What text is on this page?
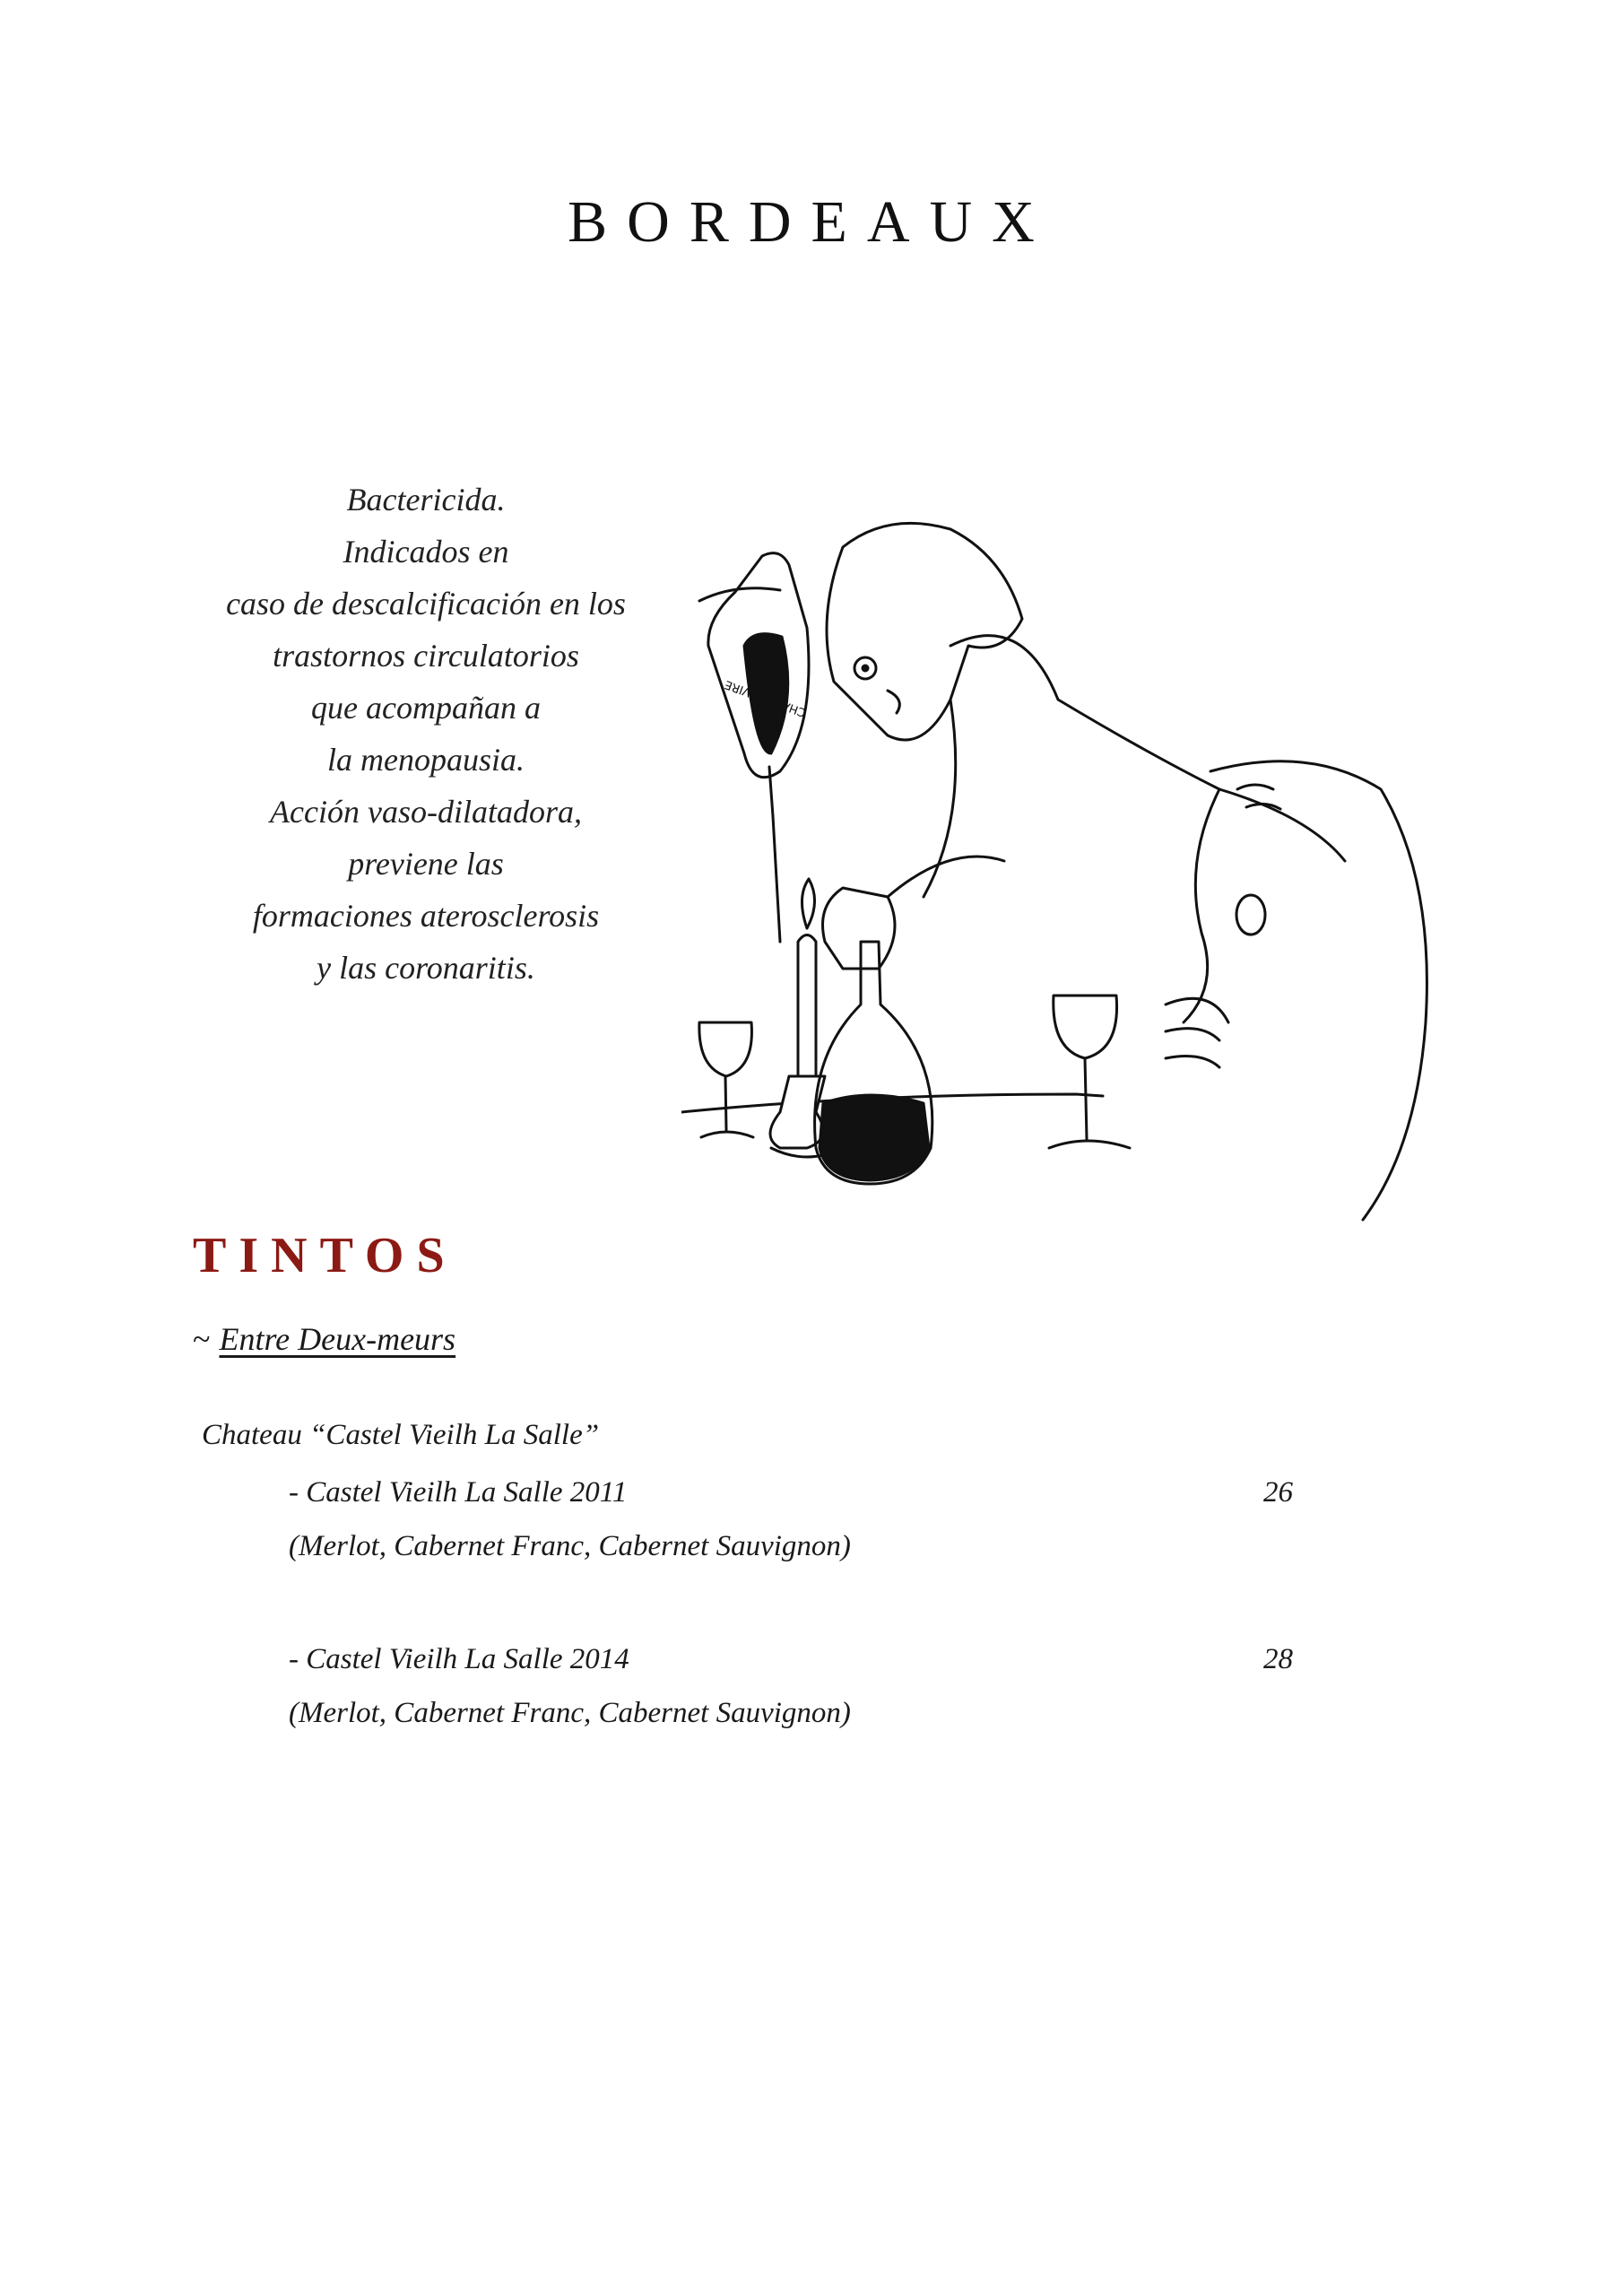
BORDEAUX
Bactericida.
Indicados en
caso de descalcificación en los
trastornos circulatorios
que acompañan a
la menopausia.
Acción vaso-dilatadora,
previene las
formaciones aterosclerosis
y las coronaritis.
CHÂTEAU VIRE
TINTOS
~ Entre Deux-meurs
Chateau “Castel Vieilh La Salle”
- Castel Vieilh La Salle 2011	26
(Merlot, Cabernet Franc, Cabernet Sauvignon)
- Castel Vieilh La Salle 2014	28
(Merlot, Cabernet Franc, Cabernet Sauvignon)
